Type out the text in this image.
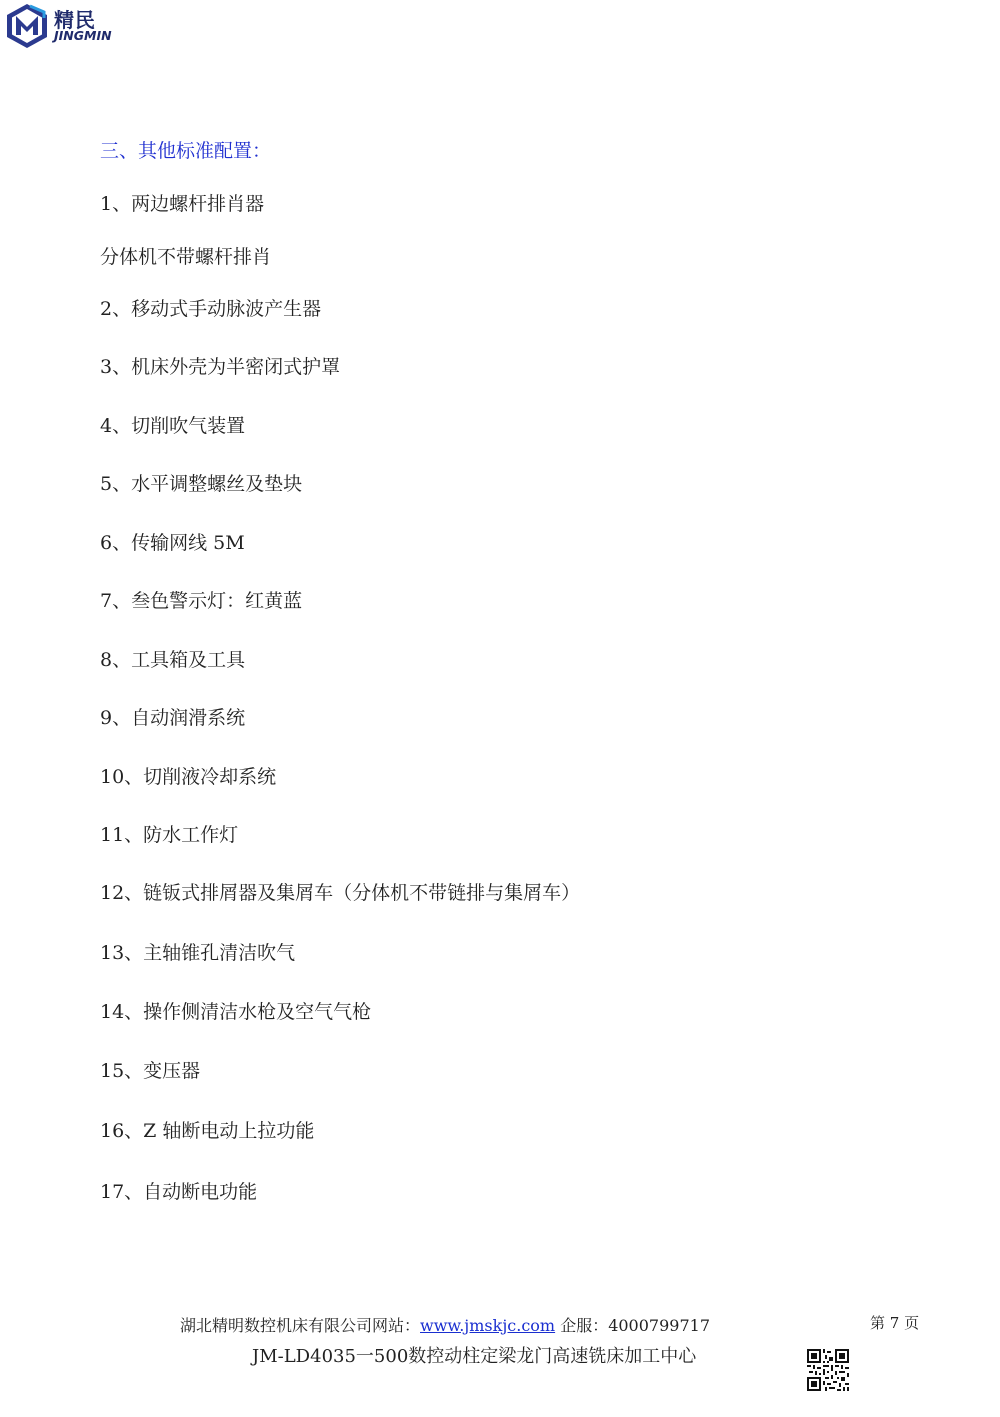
精民
JINGMIN
三、其他标准配置：
1、两边螺杆排肖器
分体机不带螺杆排肖
2、移动式手动脉波产生器
3、机床外壳为半密闭式护罩
4、切削吹气装置
5、水平调整螺丝及垫块
6、传输网线 5M
7、叁色警示灯：红黄蓝
8、工具箱及工具
9、自动润滑系统
10、切削液冷却系统
11、防水工作灯
12、链钣式排屑器及集屑车（分体机不带链排与集屑车）
13、主轴锥孔清洁吹气
14、操作侧清洁水枪及空气气枪
15、变压器
16、Z 轴断电动上拉功能
17、自动断电功能
湖北精明数控机床有限公司网站：www.jmskjc.com 企服：4000799717
JM-LD4035一500数控动柱定梁龙门高速铣床加工中心
第 7 页
